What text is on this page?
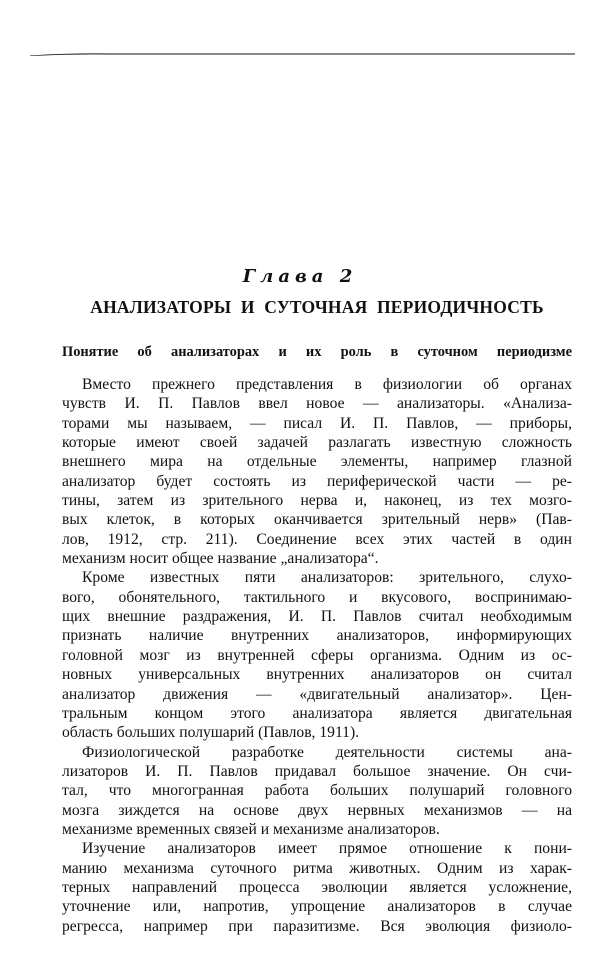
Глава 2
АНАЛИЗАТОРЫ И СУТОЧНАЯ ПЕРИОДИЧНОСТЬ
Понятие об анализаторах и их роль в суточном периодизме
Вместо прежнего представления в физиологии об органах
чувств И. П. Павлов ввел новое — анализаторы. «Анализа-
торами мы называем, — писал И. П. Павлов, — приборы,
которые имеют своей задачей разлагать известную сложность
внешнего мира на отдельные элементы, например глазной
анализатор будет состоять из периферической части — ре-
тины, затем из зрительного нерва и, наконец, из тех мозго-
вых клеток, в которых оканчивается зрительный нерв» (Пав-
лов, 1912, стр. 211). Соединение всех этих частей в один
механизм носит общее название „анализатора“.
Кроме известных пяти анализаторов: зрительного, слухо-
вого, обонятельного, тактильного и вкусового, воспринимаю-
щих внешние раздражения, И. П. Павлов считал необходимым
признать наличие внутренних анализаторов, информирующих
головной мозг из внутренней сферы организма. Одним из ос-
новных универсальных внутренних анализаторов он считал
анализатор движения — «двигательный анализатор». Цен-
тральным концом этого анализатора является двигательная
область больших полушарий (Павлов, 1911).
Физиологической разработке деятельности системы ана-
лизаторов И. П. Павлов придавал большое значение. Он счи-
тал, что многогранная работа больших полушарий головного
мозга зиждется на основе двух нервных механизмов — на
механизме временных связей и механизме анализаторов.
Изучение анализаторов имеет прямое отношение к пони-
манию механизма суточного ритма животных. Одним из харак-
терных направлений процесса эволюции является усложнение,
уточнение или, напротив, упрощение анализаторов в случае
регресса, например при паразитизме. Вся эволюция физиоло-
